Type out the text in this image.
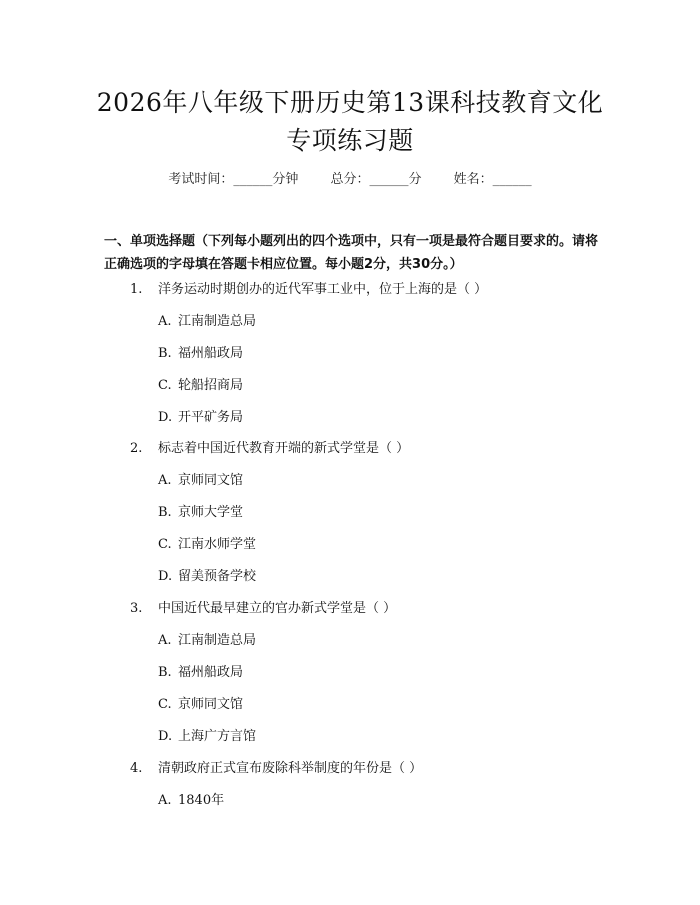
2026年八年级下册历史第13课科技教育文化专项练习题
考试时间：______分钟 总分：______分 姓名：______
一、单项选择题（下列每小题列出的四个选项中，只有一项是最符合题目要求的。请将正确选项的字母填在答题卡相应位置。每小题2分，共30分。）
1. 洋务运动时期创办的近代军事工业中，位于上海的是（ ）
A. 江南制造总局
B. 福州船政局
C. 轮船招商局
D. 开平矿务局
2. 标志着中国近代教育开端的新式学堂是（ ）
A. 京师同文馆
B. 京师大学堂
C. 江南水师学堂
D. 留美预备学校
3. 中国近代最早建立的官办新式学堂是（ ）
A. 江南制造总局
B. 福州船政局
C. 京师同文馆
D. 上海广方言馆
4. 清朝政府正式宣布废除科举制度的年份是（ ）
A. 1840年
